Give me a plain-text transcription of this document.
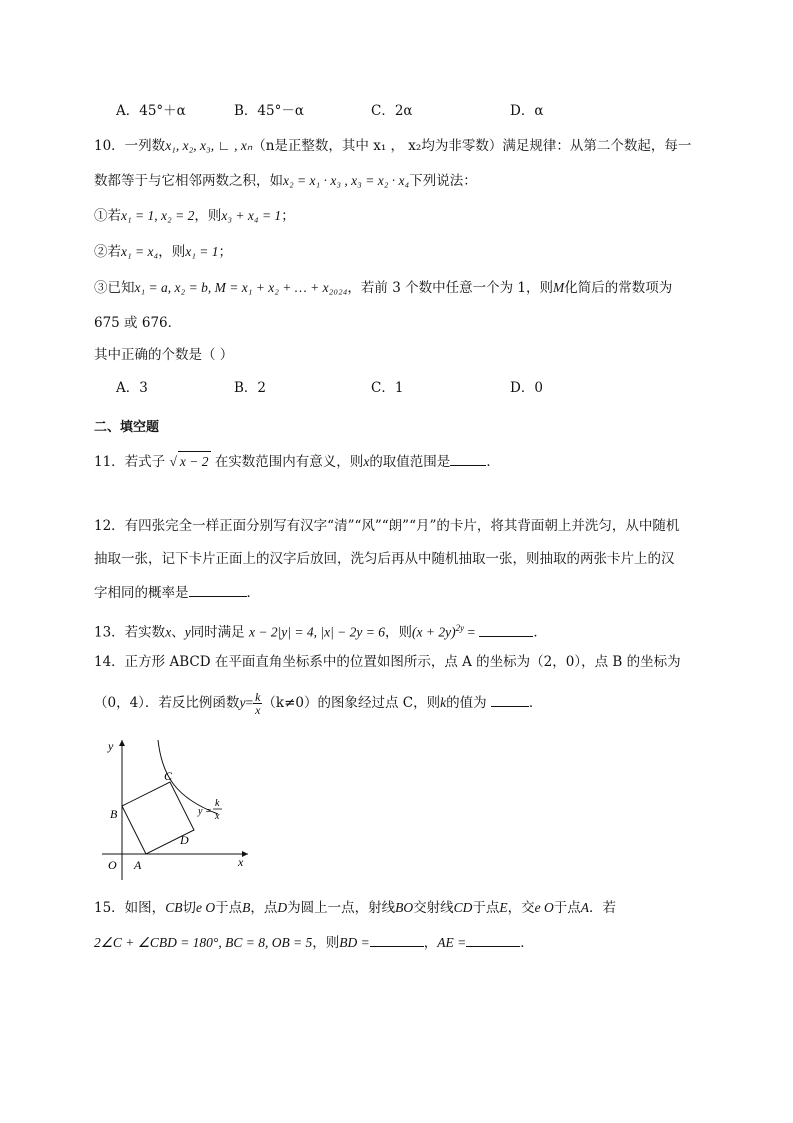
A．45°＋α	B．45°－α	C．2α	D．α
10．一列数x₁, x₂, x₃, ∟ , xₙ（n是正整数，其中 x₁ ， x₂均为非零数）满足规律：从第二个数起，每一
数都等于与它相邻两数之积，如x₂ = x₁ · x₃ , x₃ = x₂ · x₄下列说法：
①若x₁ = 1, x₂ = 2，则x₃ + x₄ = 1；
②若x₁ = x₄，则x₁ = 1；
③已知x₁ = a, x₂ = b, M = x₁ + x₂ + … + x₂₀₂₄，若前 3 个数中任意一个为 1，则M化简后的常数项为
675 或 676．
其中正确的个数是（ ）
A．3	B．2	C．1	D．0
二、填空题
11．若式子 √ x − 2 在实数范围内有意义，则x的取值范围是	．
12．有四张完全一样正面分别写有汉字“清”“风”“朗”“月”的卡片，将其背面朝上并洗匀，从中随机
抽取一张，记下卡片正面上的汉字后放回，洗匀后再从中随机抽取一张，则抽取的两张卡片上的汉
字相同的概率是	．
13．若实数x、y同时满足 x − 2|y| = 4, |x| − 2y = 6，则$(x + 2y)^{2y}$ =	．
14．正方形 ABCD 在平面直角坐标系中的位置如图所示，点 A 的坐标为（2，0），点 B 的坐标为
（0，4）．若反比例函数$y= \frac{k}{x} (k\ne 0)$的图象经过点 C，则k的值为	．
y
x
O A
B
C
D
y =
k
x
15．如图，CB切e O于点B，点D为圆上一点，射线BO交射线CD于点E，交e O于点A．若
2∠C + ∠CBD = 180°, BC = 8, OB = 5，则BD =	，AE =	．
